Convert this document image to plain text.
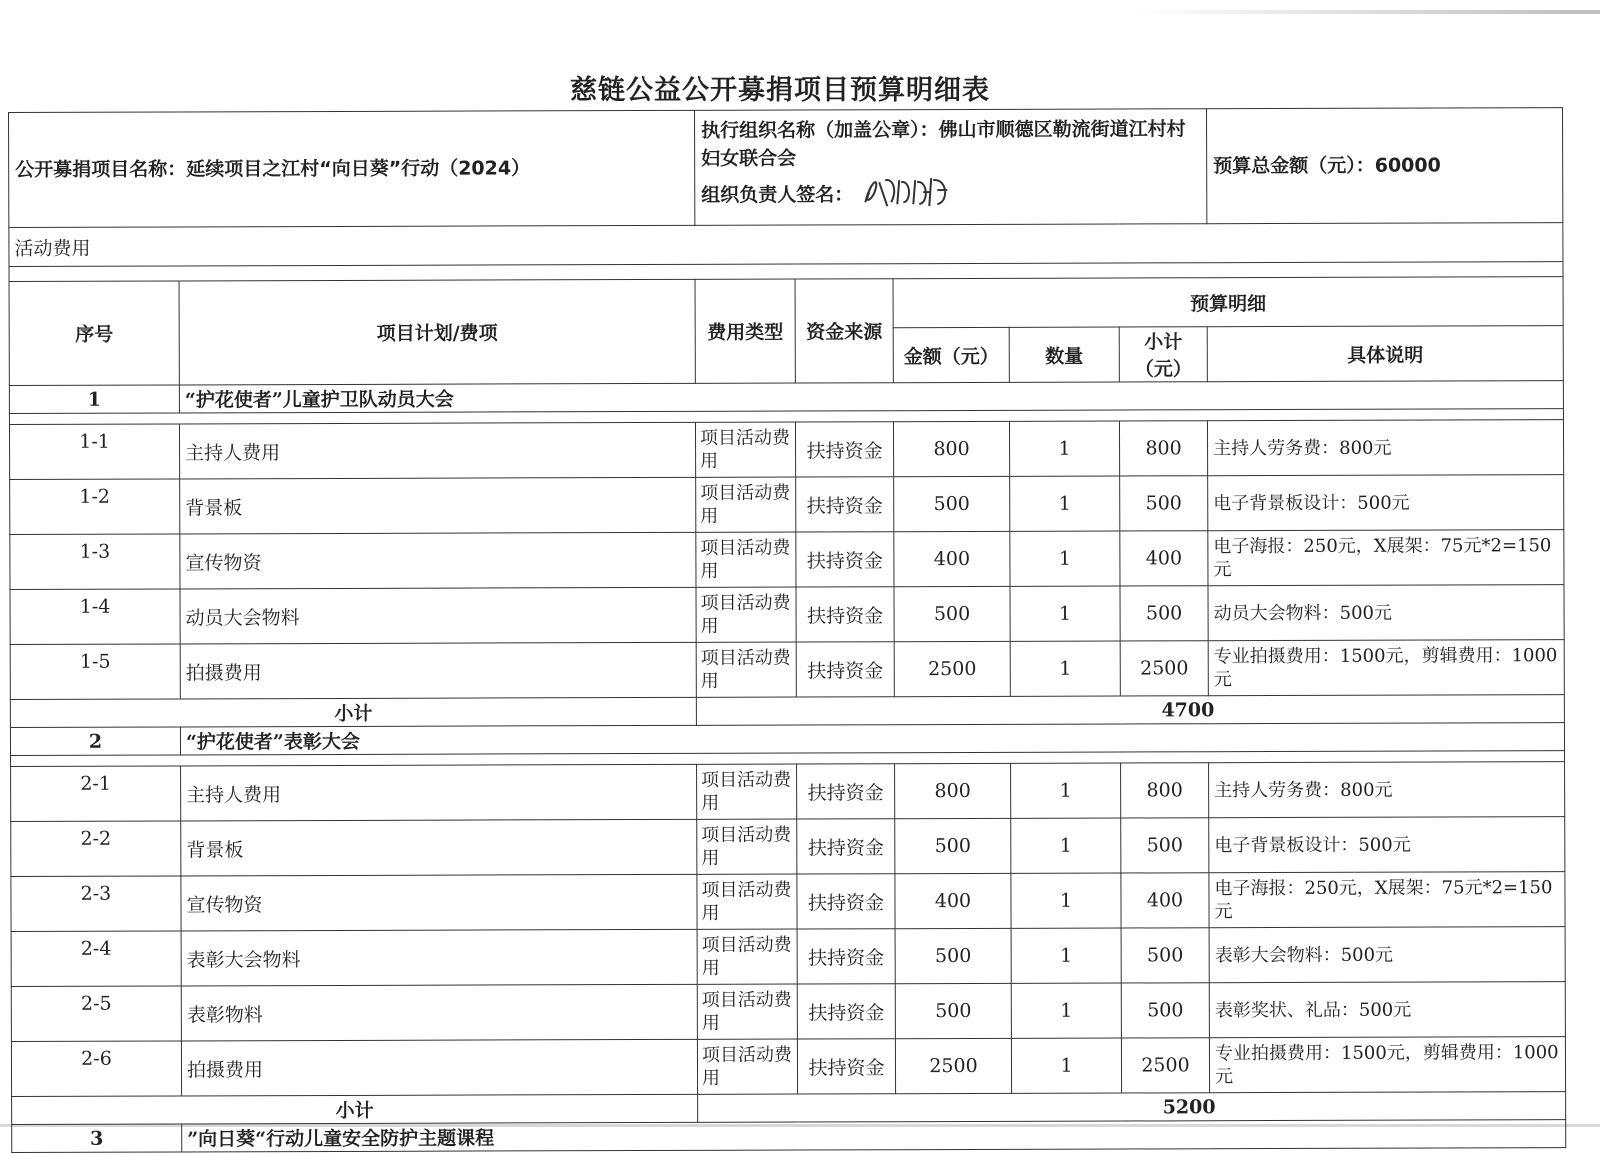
慈链公益公开募捐项目预算明细表
公开募捐项目名称：延续项目之江村“向日葵”行动（2024）		执行组织名称（加盖公章）：佛山市顺德区勒流街道江村村妇女联合会
组织负责人签名：					预算总金额（元）：60000
活动费用							

序号	项目计划/费项	费用类型	资金来源	预算明细			
				金额（元）	数量	小计（元）	具体说明
1	“护花使者”儿童护卫队动员大会						

1-1	主持人费用	项目活动费用	扶持资金	800	1	800	主持人劳务费：800元
1-2	背景板	项目活动费用	扶持资金	500	1	500	电子背景板设计：500元
1-3	宣传物资	项目活动费用	扶持资金	400	1	400	电子海报：250元，X展架：75元*2=150元
1-4	动员大会物料	项目活动费用	扶持资金	500	1	500	动员大会物料：500元
1-5	拍摄费用	项目活动费用	扶持资金	2500	1	2500	专业拍摄费用：1500元，剪辑费用：1000元
小计		4700					
2	“护花使者”表彰大会						

2-1	主持人费用	项目活动费用	扶持资金	800	1	800	主持人劳务费：800元
2-2	背景板	项目活动费用	扶持资金	500	1	500	电子背景板设计：500元
2-3	宣传物资	项目活动费用	扶持资金	400	1	400	电子海报：250元，X展架：75元*2=150元
2-4	表彰大会物料	项目活动费用	扶持资金	500	1	500	表彰大会物料：500元
2-5	表彰物料	项目活动费用	扶持资金	500	1	500	表彰奖状、礼品：500元
2-6	拍摄费用	项目活动费用	扶持资金	2500	1	2500	专业拍摄费用：1500元，剪辑费用：1000元
小计		5200					
3	”向日葵“行动儿童安全防护主题课程						
